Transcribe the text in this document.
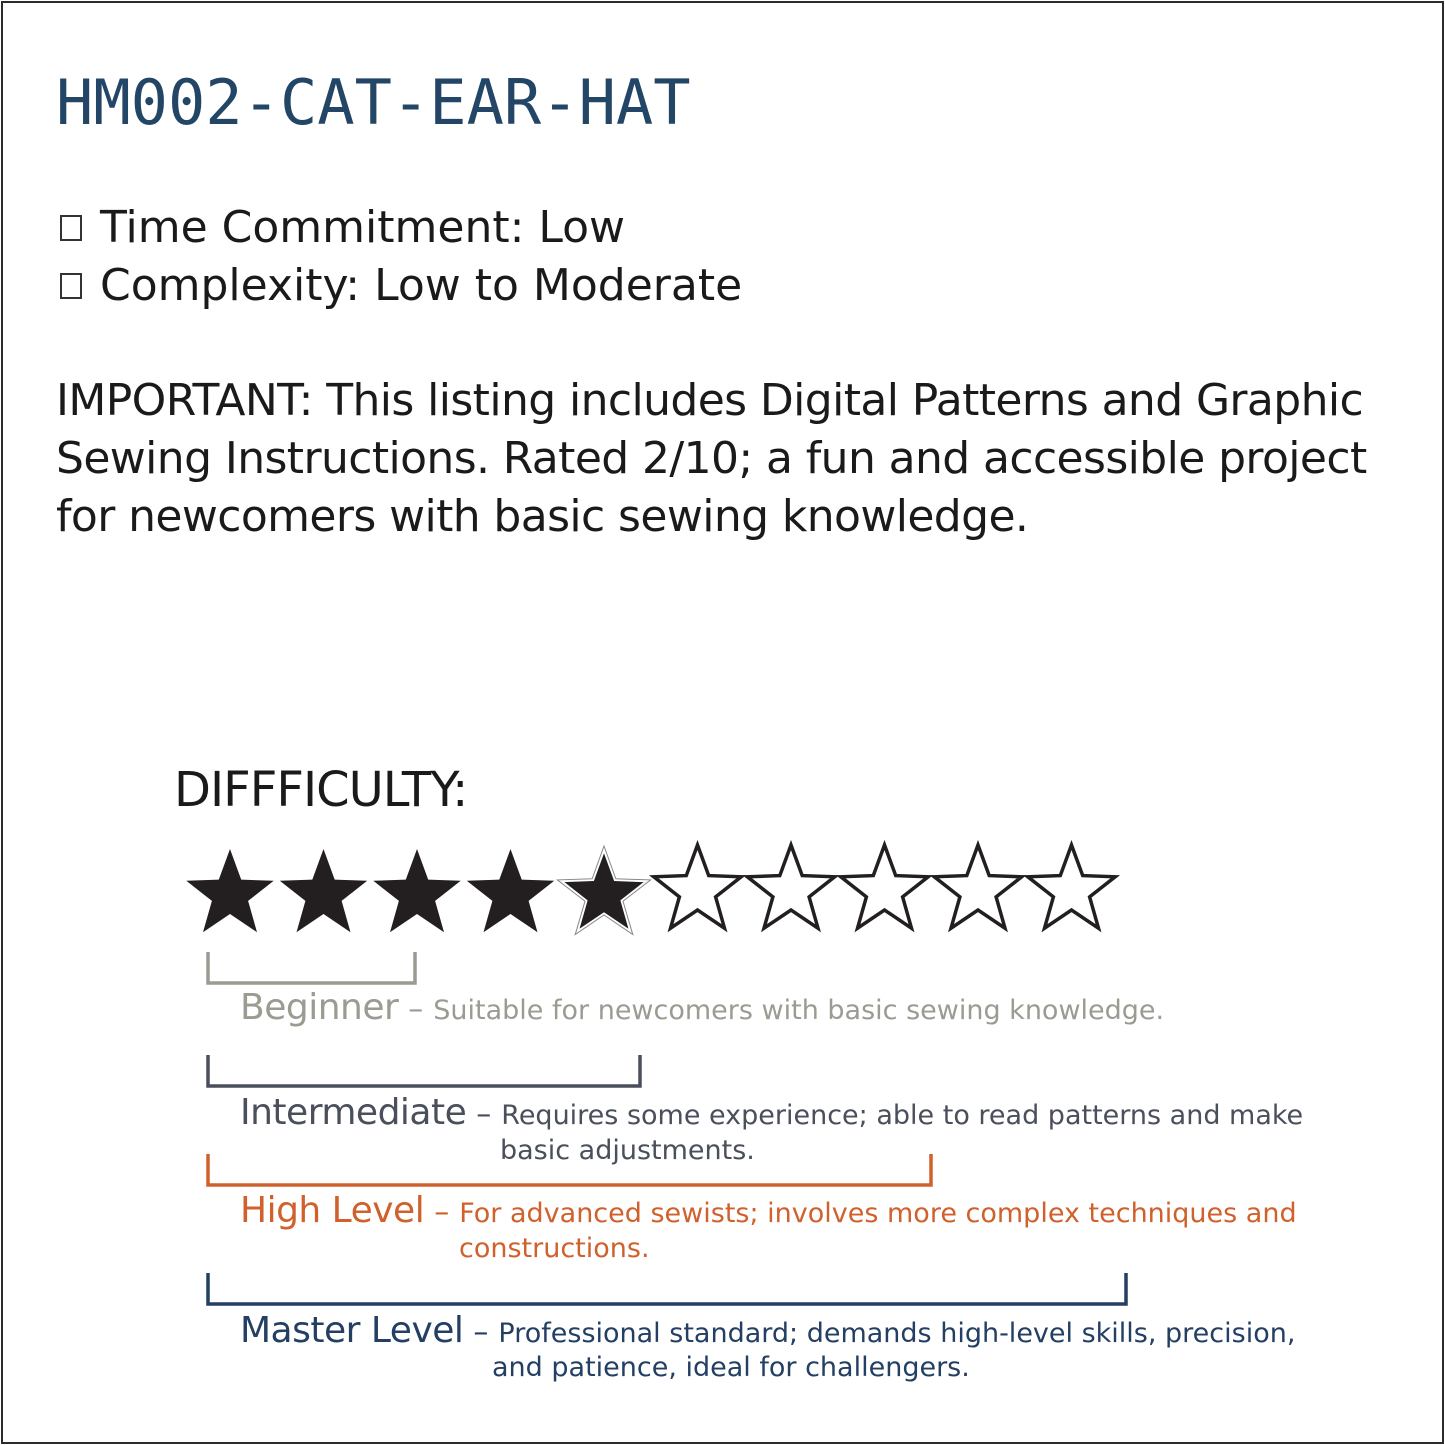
HM002-CAT-EAR-HAT
Time Commitment: Low
Complexity: Low to Moderate
IMPORTANT: This listing includes Digital Patterns and Graphic
Sewing Instructions. Rated 2/10; a fun and accessible project
for newcomers with basic sewing knowledge.
DIFFFICULTY:
Beginner – Suitable for newcomers with basic sewing knowledge.
Intermediate – Requires some experience; able to read patterns and make
basic adjustments.
High Level – For advanced sewists; involves more complex techniques and
constructions.
Master Level – Professional standard; demands high-level skills, precision,
and patience, ideal for challengers.
